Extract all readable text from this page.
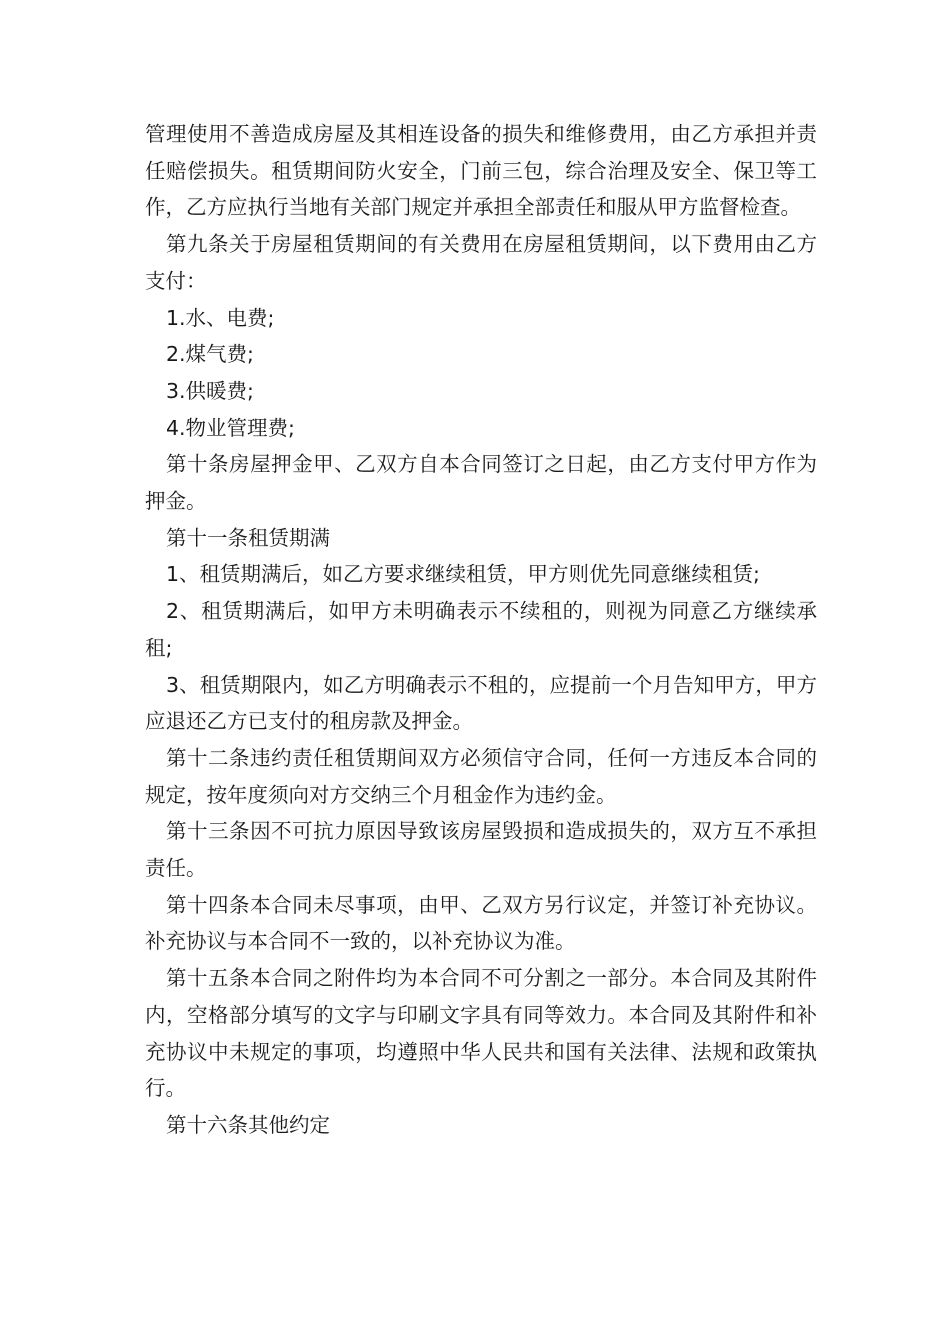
管理使用不善造成房屋及其相连设备的损失和维修费用，由乙方承担并责任赔偿损失。租赁期间防火安全，门前三包，综合治理及安全、保卫等工作，乙方应执行当地有关部门规定并承担全部责任和服从甲方监督检查。

第九条关于房屋租赁期间的有关费用在房屋租赁期间，以下费用由乙方支付：

1.水、电费;

2.煤气费;

3.供暖费;

4.物业管理费;

第十条房屋押金甲、乙双方自本合同签订之日起，由乙方支付甲方作为押金。

第十一条租赁期满

1、租赁期满后，如乙方要求继续租赁，甲方则优先同意继续租赁;

2、租赁期满后，如甲方未明确表示不续租的，则视为同意乙方继续承租;

3、租赁期限内，如乙方明确表示不租的，应提前一个月告知甲方，甲方应退还乙方已支付的租房款及押金。

第十二条违约责任租赁期间双方必须信守合同，任何一方违反本合同的规定，按年度须向对方交纳三个月租金作为违约金。

第十三条因不可抗力原因导致该房屋毁损和造成损失的，双方互不承担责任。

第十四条本合同未尽事项，由甲、乙双方另行议定，并签订补充协议。补充协议与本合同不一致的，以补充协议为准。

第十五条本合同之附件均为本合同不可分割之一部分。本合同及其附件内，空格部分填写的文字与印刷文字具有同等效力。本合同及其附件和补充协议中未规定的事项，均遵照中华人民共和国有关法律、法规和政策执行。

第十六条其他约定
